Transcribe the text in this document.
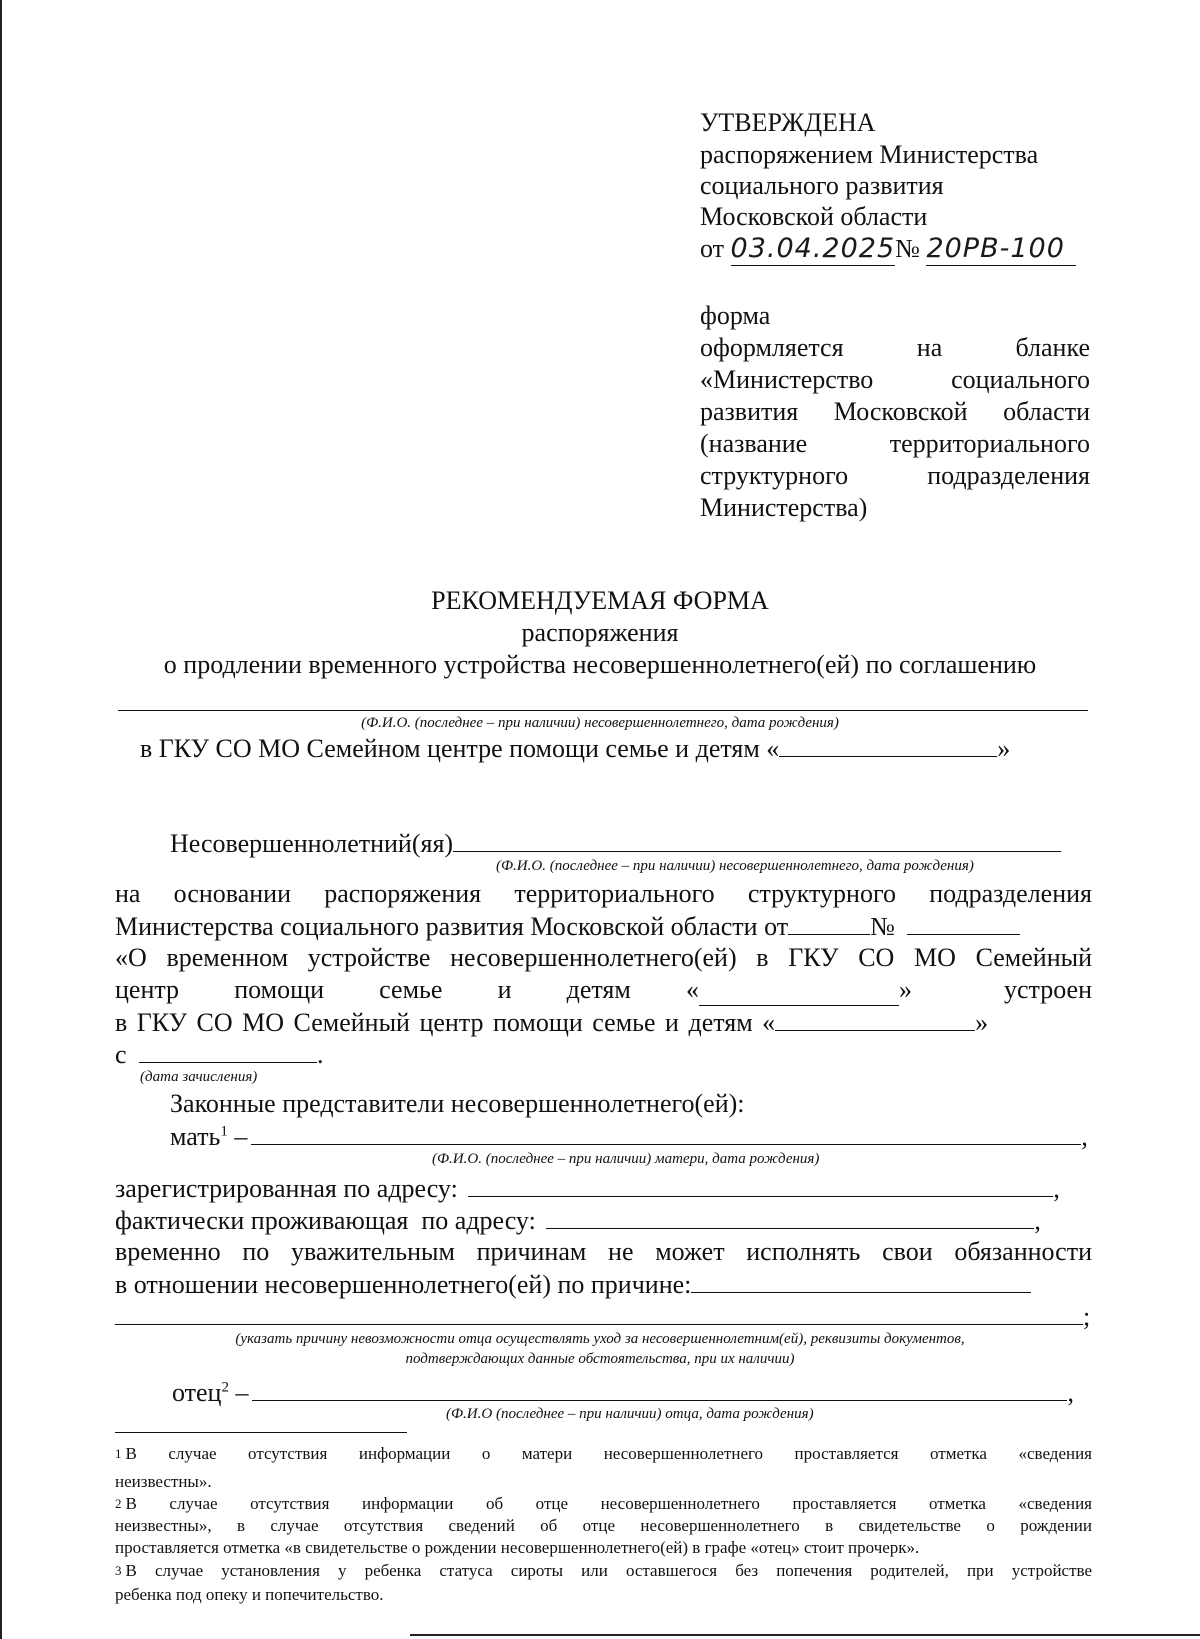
УТВЕРЖДЕНА
распоряжением Министерства
социального развития
Московской области
от 03.04.2025№ 20РВ-100
форма
оформляется на бланке
«Министерство социального
развития Московской области
(название территориального
структурного подразделения
Министерства)
РЕКОМЕНДУЕМАЯ ФОРМА
распоряжения
о продлении временного устройства несовершеннолетнего(ей) по соглашению
(Ф.И.О. (последнее – при наличии) несовершеннолетнего, дата рождения)
в ГКУ СО МО Семейном центре помощи семье и детям «	»
Несовершеннолетний(яя)
(Ф.И.О. (последнее – при наличии) несовершеннолетнего, дата рождения)
на основании распоряжения территориального структурного подразделения
Министерства социального развития Московской области от	№
«О временном устройстве несовершеннолетнего(ей) в ГКУ СО МО Семейный
центр помощи семье и детям «	» устроен
в ГКУ СО МО Семейный центр помощи семье и детям «	»
с	.
(дата зачисления)
Законные представители несовершеннолетнего(ей):
мать$^1$ –	,
(Ф.И.О. (последнее – при наличии) матери, дата рождения)
зарегистрированная по адресу:	,
фактически проживающая  по адресу:	,
временно по уважительным причинам не может исполнять свои обязанности
в отношении несовершеннолетнего(ей) по причине:
;
(указать причину невозможности отца осуществлять уход за несовершеннолетним(ей), реквизиты документов,
подтверждающих данные обстоятельства, при их наличии)
отец$^2$ –	,
(Ф.И.О (последнее – при наличии) отца, дата рождения)
$^1$ В случае отсутствия информации о матери несовершеннолетнего проставляется отметка «сведения
неизвестны».
$^2$ В случае отсутствия информации об отце несовершеннолетнего проставляется отметка «сведения
неизвестны», в случае отсутствия сведений об отце несовершеннолетнего в свидетельстве о рождении
проставляется отметка «в свидетельстве о рождении несовершеннолетнего(ей) в графе «отец» стоит прочерк».
$^3$ В случае установления у ребенка статуса сироты или оставшегося без попечения родителей, при устройстве
ребенка под опеку и попечительство.
